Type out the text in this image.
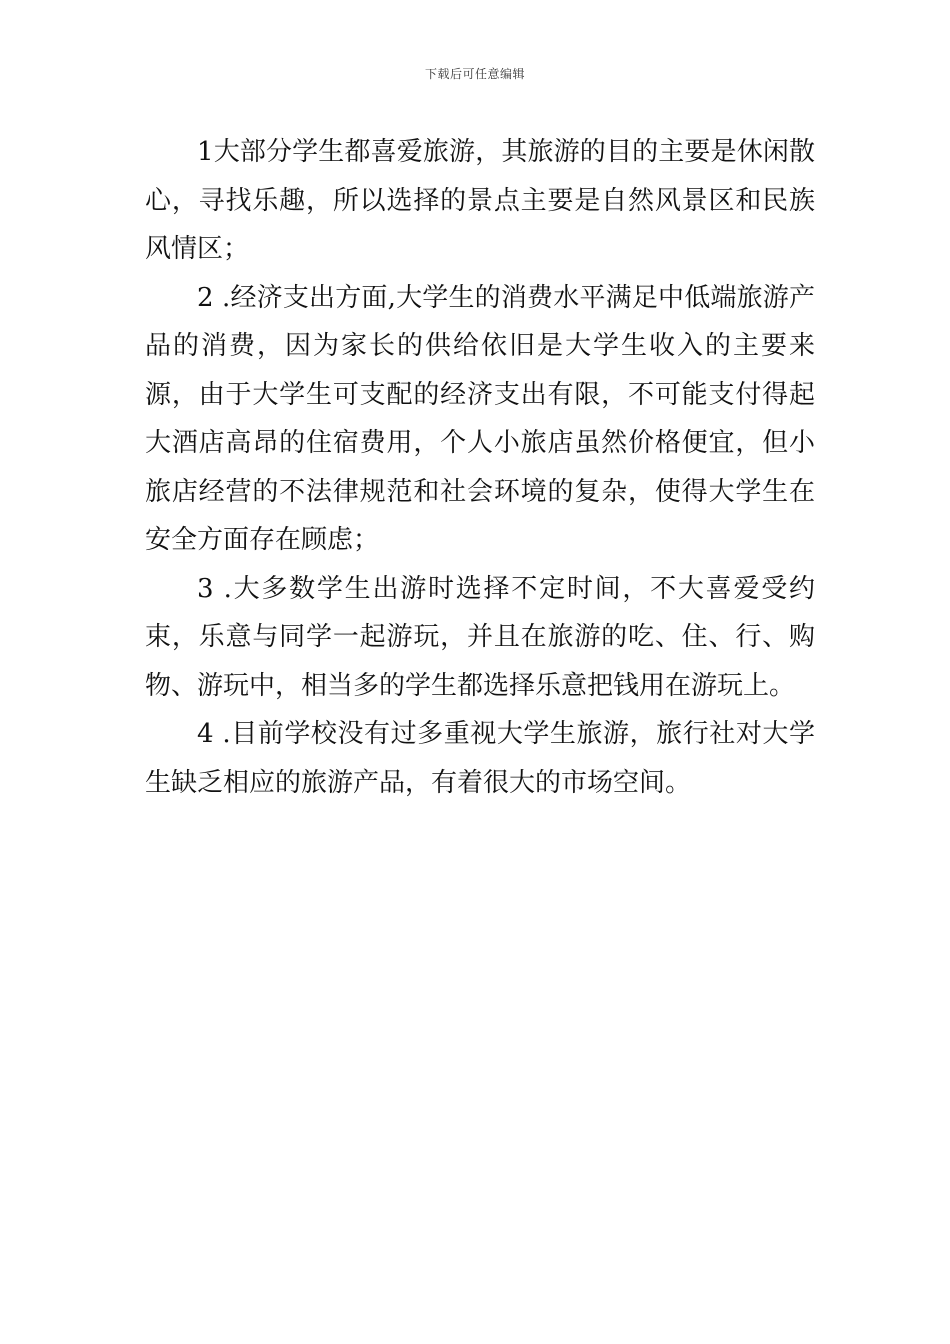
下载后可任意编辑

1大部分学生都喜爱旅游，其旅游的目的主要是休闲散心，寻找乐趣，所以选择的景点主要是自然风景区和民族风情区；

2 .经济支出方面,大学生的消费水平满足中低端旅游产品的消费，因为家长的供给依旧是大学生收入的主要来源，由于大学生可支配的经济支出有限，不可能支付得起大酒店高昂的住宿费用，个人小旅店虽然价格便宜，但小旅店经营的不法律规范和社会环境的复杂，使得大学生在安全方面存在顾虑；

3 .大多数学生出游时选择不定时间，不大喜爱受约束，乐意与同学一起游玩，并且在旅游的吃、住、行、购物、游玩中，相当多的学生都选择乐意把钱用在游玩上。

4 .目前学校没有过多重视大学生旅游，旅行社对大学生缺乏相应的旅游产品，有着很大的市场空间。
